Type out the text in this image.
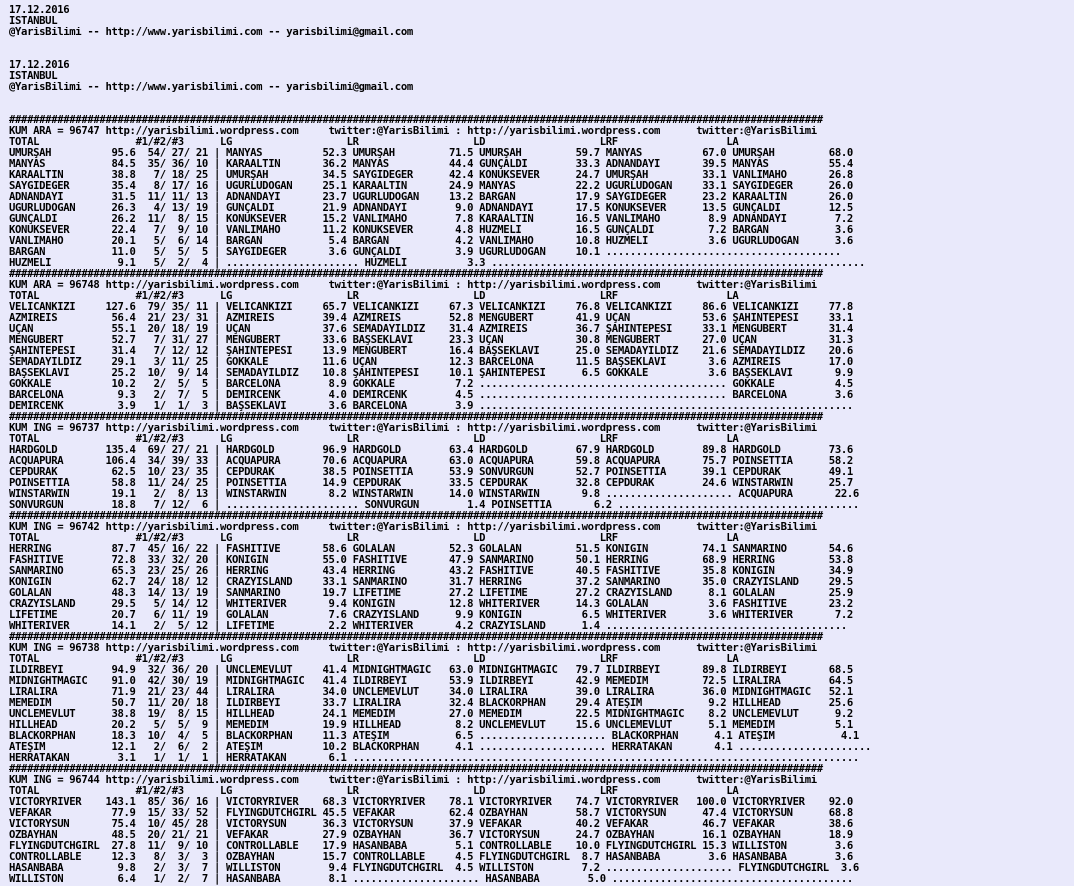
17.12.2016
ISTANBUL
@YarisBilimi -- http://www.yarisbilimi.com -- yarisbilimi@gmail.com

17.12.2016
ISTANBUL
@YarisBilimi -- http://www.yarisbilimi.com -- yarisbilimi@gmail.com

#######################################################################################################################################
KUM ARA = 96747 http://yarisbilimi.wordpress.com     twitter:@YarisBilimi : http://yarisbilimi.wordpress.com      twitter:@YarisBilimi
TOTAL                #1/#2/#3      LG                   LR                   LD                   LRF                  LA
UMURŞAH          95.6  54/ 27/ 21 | MANYAS          52.3 UMURŞAH         71.5 UMURŞAH         59.7 MANYAS          67.0 UMURŞAH         68.0
MANYAS           84.5  35/ 36/ 10 | KARAALTIN       36.2 MANYAS          44.4 GUNÇALDI        33.3 ADNANDAYI       39.5 MANYAS          55.4
KARAALTIN        38.8   7/ 18/ 25 | UMURŞAH         34.5 SAYGIDEĞER      42.4 KONUKSEVER      24.7 UMURŞAH         33.1 VANLIMAHO       26.8
SAYGIDEĞER       35.4   8/ 17/ 16 | UĞURLUDOĞAN     25.1 KARAALTIN       24.9 MANYAS          22.2 UĞURLUDOĞAN     33.1 SAYGIDEĞER      26.0
ADNANDAYI        31.5  11/ 11/ 13 | ADNANDAYI       23.7 UĞURLUDOĞAN     13.2 BARGAN          17.9 SAYGIDEĞER      23.2 KARAALTIN       26.0
UĞURLUDOĞAN      26.3   4/ 13/ 19 | GUNÇALDI        21.9 ADNANDAYI        9.0 ADNANDAYI       17.5 KONUKSEVER      13.5 GUNÇALDI        12.5
GUNÇALDI         26.2  11/  8/ 15 | KONUKSEVER      15.2 VANLIMAHO        7.8 KARAALTIN       16.5 VANLIMAHO        8.9 ADNANDAYI        7.2
KONUKSEVER       22.4   7/  9/ 10 | VANLIMAHO       11.2 KONUKSEVER       4.8 HUZMELİ         16.5 GUNÇALDI         7.2 BARGAN           3.6
VANLIMAHO        20.1   5/  6/ 14 | BARGAN           5.4 BARGAN           4.2 VANLIMAHO       10.8 HUZMELİ          3.6 UĞURLUDOĞAN      3.6
BARGAN           11.0   5/  5/  5 | SAYGIDEĞER       3.6 GUNÇALDI         3.9 UĞURLUDOĞAN     10.1 .......................................
HUZMELİ           9.1   5/  2/  4 | ...................... HUZMELİ          3.3 ..............................................................
#######################################################################################################################################
KUM ARA = 96748 http://yarisbilimi.wordpress.com     twitter:@YarisBilimi : http://yarisbilimi.wordpress.com      twitter:@YarisBilimi
TOTAL                #1/#2/#3      LG                   LR                   LD                   LRF                  LA
VELİCANKIZI     127.6  79/ 35/ 11 | VELİCANKIZI     65.7 VELİCANKIZI     67.3 VELİCANKIZI     76.8 VELİCANKIZI     86.6 VELİCANKIZI     77.8
AZMIREIS         56.4  21/ 23/ 31 | AZMIREIS        39.4 AZMIREIS        52.8 MENGÜBERT       41.9 UÇAN            53.6 ŞAHİNTEPESİ     33.1
UÇAN             55.1  20/ 18/ 19 | UÇAN            37.6 SEMADAYILDIZ    31.4 AZMIREIS        36.7 ŞAHİNTEPESİ     33.1 MENGÜBERT       31.4
MENGÜBERT        52.7   7/ 31/ 27 | MENGÜBERT       33.6 BAŞSEKLAVİ      23.3 UÇAN            30.8 MENGÜBERT       27.0 UÇAN            31.3
ŞAHİNTEPESİ      31.4   7/ 12/ 12 | ŞAHİNTEPESİ     13.9 MENGÜBERT       16.4 BAŞSEKLAVİ      25.0 SEMADAYILDIZ    21.6 SEMADAYILDIZ    20.6
SEMADAYILDIZ     29.1   3/ 11/ 25 | GÖKKALE         11.6 UÇAN            12.3 BARCELONA       11.5 BAŞSEKLAVİ       3.6 AZMIREIS        17.0
BAŞSEKLAVİ       25.2  10/  9/ 14 | SEMADAYILDIZ    10.8 ŞAHİNTEPESİ     10.1 ŞAHİNTEPESİ      6.5 GÖKKALE          3.6 BAŞSEKLAVİ       9.9
GÖKKALE          10.2   2/  5/  5 | BARCELONA        8.9 GÖKKALE          7.2 ......................................... GÖKKALE          4.5
BARCELONA         9.3   2/  7/  5 | DEMİRCENK        4.0 DEMİRCENK        4.5 ......................................... BARCELONA        3.6
DEMİRCENK         3.9   1/  1/  3 | BAŞSEKLAVİ       3.6 BARCELONA        3.9 ..............................................................
#######################################################################################################################################
KUM ING = 96737 http://yarisbilimi.wordpress.com     twitter:@YarisBilimi : http://yarisbilimi.wordpress.com      twitter:@YarisBilimi
TOTAL                #1/#2/#3      LG                   LR                   LD                   LRF                  LA
HARDGOLD        135.4  69/ 27/ 21 | HARDGOLD        96.9 HARDGOLD        63.4 HARDGOLD        67.9 HARDGOLD        89.8 HARDGOLD        73.6
ACQUAPURA       106.4  34/ 39/ 33 | ACQUAPURA       70.6 ACQUAPURA       63.0 ACQUAPURA       59.8 ACQUAPURA       75.7 POINSETTIA      58.2
CEPDURAK         62.5  10/ 23/ 35 | CEPDURAK        38.5 POINSETTIA      53.9 SONVURGUN       52.7 POINSETTIA      39.1 CEPDURAK        49.1
POINSETTIA       58.8  11/ 24/ 25 | POINSETTIA      14.9 CEPDURAK        33.5 CEPDURAK        32.8 CEPDURAK        24.6 WINSTARWIN      25.7
WINSTARWIN       19.1   2/  8/ 13 | WINSTARWIN       8.2 WINSTARWIN      14.0 WINSTARWIN       9.8 ..................... ACQUAPURA       22.6
SONVURGUN        18.8   7/ 12/  6 | ...................... SONVURGUN        1.4 POINSETTIA       6.2 ........................................
#######################################################################################################################################
KUM ING = 96742 http://yarisbilimi.wordpress.com     twitter:@YarisBilimi : http://yarisbilimi.wordpress.com      twitter:@YarisBilimi
TOTAL                #1/#2/#3      LG                   LR                   LD                   LRF                  LA
HERRING          87.7  45/ 16/ 22 | FASHITIVE       58.6 GOLALAN         52.3 GOLALAN         51.5 KONIGIN         74.1 SANMARINO       54.6
FASHITIVE        72.8  33/ 32/ 20 | KONIGIN         55.0 FASHITIVE       47.9 SANMARINO       50.1 HERRING         68.9 HERRING         53.8
SANMARINO        65.3  23/ 25/ 26 | HERRING         43.4 HERRING         43.2 FASHITIVE       40.5 FASHITIVE       35.8 KONIGIN         34.9
KONIGIN          62.7  24/ 18/ 12 | CRAZYISLAND     33.1 SANMARINO       31.7 HERRING         37.2 SANMARINO       35.0 CRAZYISLAND     29.5
GOLALAN          48.3  14/ 13/ 19 | SANMARINO       19.7 LIFETIME        27.2 LIFETIME        27.2 CRAZYISLAND      8.1 GOLALAN         25.9
CRAZYISLAND      29.5   5/ 14/ 12 | WHITERIVER       9.4 KONIGIN         12.8 WHITERIVER      14.3 GOLALAN          3.6 FASHITIVE       23.2
LIFETIME         20.7   6/ 11/ 19 | GOLALAN          7.6 CRAZYISLAND      9.9 KONIGIN          6.5 WHITERIVER       3.6 WHITERIVER       7.2
WHITERIVER       14.1   2/  5/ 12 | LIFETIME         2.2 WHITERIVER       4.2 CRAZYISLAND      1.4 ........................................
#######################################################################################################################################
KUM ING = 96738 http://yarisbilimi.wordpress.com     twitter:@YarisBilimi : http://yarisbilimi.wordpress.com      twitter:@YarisBilimi
TOTAL                #1/#2/#3      LG                   LR                   LD                   LRF                  LA
ILDIRBEYI        94.9  32/ 36/ 20 | UNCLEMEVLÜT     41.4 MIDNIGHTMAGIC   63.0 MIDNIGHTMAGIC   79.7 ILDIRBEYI       89.8 ILDIRBEYI       68.5
MIDNIGHTMAGIC    91.0  42/ 30/ 19 | MIDNIGHTMAGIC   41.4 ILDIRBEYI       53.9 ILDIRBEYI       42.9 MEMEDİM         72.5 LIRALİRA        64.5
LIRALİRA         71.9  21/ 23/ 44 | LIRALİRA        34.0 UNCLEMEVLÜT     34.0 LIRALİRA        39.0 LIRALİRA        36.0 MIDNIGHTMAGIC   52.1
MEMEDİM          50.7  11/ 20/ 18 | ILDIRBEYI       33.7 LIRALİRA        32.4 BLACKORPHAN     29.4 ATEŞİM           9.2 HILLHEAD        25.6
UNCLEMEVLÜT      38.8  19/  8/ 15 | HILLHEAD        24.1 MEMEDİM         27.0 MEMEDİM         22.5 MIDNIGHTMAGIC    8.2 UNCLEMEVLÜT      9.2
HILLHEAD         20.2   5/  5/  9 | MEMEDİM         19.9 HILLHEAD         8.2 UNCLEMEVLÜT     15.6 UNCLEMEVLÜT      5.1 MEMEDİM          5.1
BLACKORPHAN      18.3  10/  4/  5 | BLACKORPHAN     11.3 ATEŞİM           6.5 ..................... BLACKORPHAN      4.1 ATEŞİM           4.1
ATEŞİM           12.1   2/  6/  2 | ATEŞİM          10.2 BLACKORPHAN      4.1 ..................... HERRATAKAN       4.1 ......................
HERRATAKAN        3.1   1/  1/  1 | HERRATAKAN       6.1 ....................................................................................
#######################################################################################################################################
KUM ING = 96744 http://yarisbilimi.wordpress.com     twitter:@YarisBilimi : http://yarisbilimi.wordpress.com      twitter:@YarisBilimi
TOTAL                #1/#2/#3      LG                   LR                   LD                   LRF                  LA
VICTORYRIVER    143.1  85/ 36/ 16 | VICTORYRIVER    68.3 VICTORYRIVER    78.1 VICTORYRIVER    74.7 VICTORYRIVER   100.0 VICTORYRIVER    92.0
VEFAKAR          77.9  15/ 33/ 52 | FLYINGDUTCHGIRL 45.5 VEFAKAR         62.4 OZBAYHAN        58.7 VICTORYSUN      47.4 VICTORYSUN      68.8
VICTORYSUN       75.4  10/ 45/ 28 | VICTORYSUN      36.3 VICTORYSUN      37.9 VEFAKAR         40.2 VEFAKAR         46.7 VEFAKAR         38.6
OZBAYHAN         48.5  20/ 21/ 21 | VEFAKAR         27.9 OZBAYHAN        36.7 VICTORYSUN      24.7 OZBAYHAN        16.1 OZBAYHAN        18.9
FLYINGDUTCHGIRL  27.8  11/  9/ 10 | CONTROLLABLE    17.9 HASANBABA        5.1 CONTROLLABLE    10.0 FLYINGDUTCHGIRL 15.3 WILLISTON        3.6
CONTROLLABLE     12.3   8/  3/  3 | OZBAYHAN        15.7 CONTROLLABLE     4.5 FLYINGDUTCHGIRL  8.7 HASANBABA        3.6 HASANBABA        3.6
HASANBABA         9.8   2/  3/  7 | WILLISTON        9.4 FLYINGDUTCHGIRL  4.5 WILLISTON        7.2 ..................... FLYINGDUTCHGIRL  3.6
WILLISTON         6.4   1/  2/  7 | HASANBABA        8.1 ..................... HASANBABA        5.0 ........................................
